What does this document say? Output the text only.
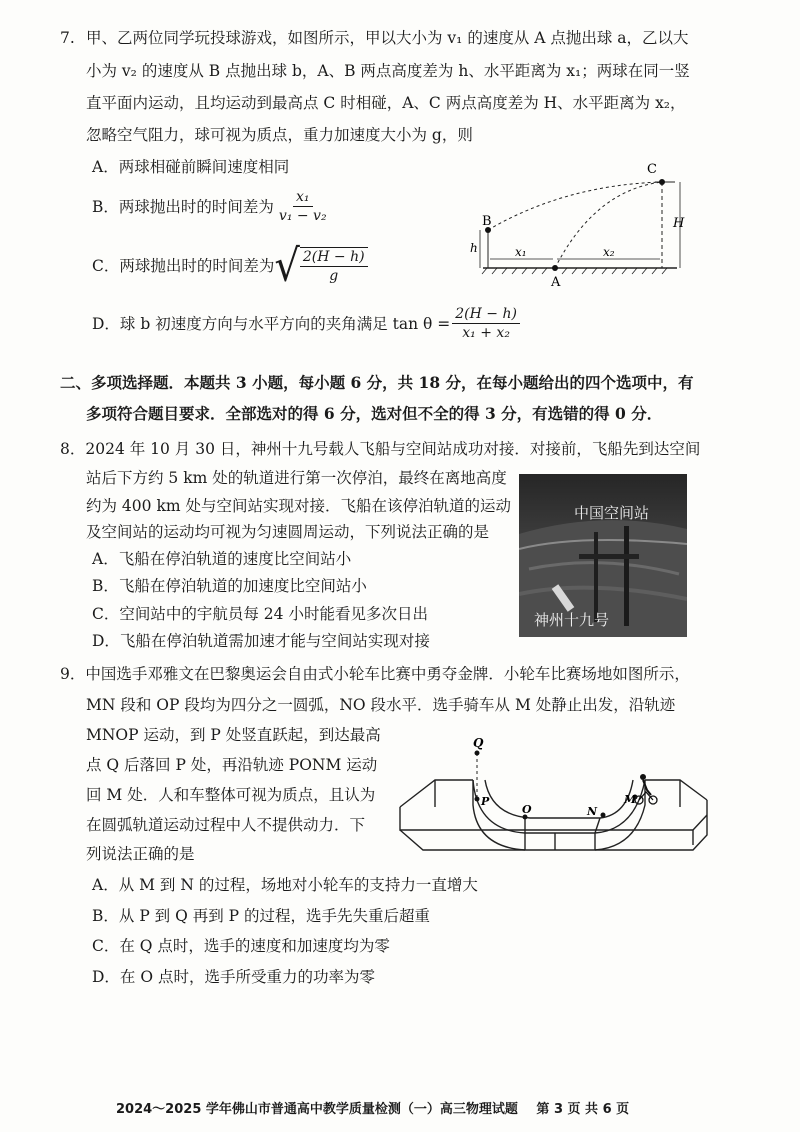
7. 甲、乙两位同学玩投球游戏，如图所示，甲以大小为 v₁ 的速度从 A 点抛出球 a，乙以大
小为 v₂ 的速度从 B 点抛出球 b，A、B 两点高度差为 h、水平距离为 x₁；两球在同一竖
直平面内运动，且均运动到最高点 C 时相碰，A、C 两点高度差为 H、水平距离为 x₂，
忽略空气阻力，球可视为质点，重力加速度大小为 g，则
A．两球相碰前瞬间速度相同
B．两球抛出时的时间差为 $\frac{\text{x₁}}{\text{v₁ − v₂}}$
C．两球抛出时的时间差为 √ $\frac{2(H - h)}{g}$
D．球 b 初速度方向与水平方向的夹角满足 $\tan \theta = \frac{2(H - h)}{\text{x₁ + x₂}}$
C
B
A
H
h	x₁	x₂
二、多项选择题．本题共 3 小题，每小题 6 分，共 18 分，在每小题给出的四个选项中，有
多项符合题目要求．全部选对的得 6 分，选对但不全的得 3 分，有选错的得 0 分．
8．2024 年 10 月 30 日，神州十九号载人飞船与空间站成功对接．对接前，飞船先到达空间
站后下方约 5 km 处的轨道进行第一次停泊，最终在离地高度
约为 400 km 处与空间站实现对接．飞船在该停泊轨道的运动
及空间站的运动均可视为匀速圆周运动，下列说法正确的是
A．飞船在停泊轨道的速度比空间站小
B．飞船在停泊轨道的加速度比空间站小
C．空间站中的宇航员每 24 小时能看见多次日出
D．飞船在停泊轨道需加速才能与空间站实现对接
中国空间站
神州十九号
9．中国选手邓雅文在巴黎奥运会自由式小轮车比赛中勇夺金牌．小轮车比赛场地如图所示，
MN 段和 OP 段均为四分之一圆弧，NO 段水平．选手骑车从 M 处静止出发，沿轨迹
MNOP 运动，到 P 处竖直跃起，到达最高
点 Q 后落回 P 处，再沿轨迹 PONM 运动
回 M 处．人和车整体可视为质点，且认为
在圆弧轨道运动过程中人不提供动力．下
列说法正确的是
A．从 M 到 N 的过程，场地对小轮车的支持力一直增大
B．从 P 到 Q 再到 P 的过程，选手先失重后超重
C．在 Q 点时，选手的速度和加速度均为零
D．在 O 点时，选手所受重力的功率为零
Q
P
O	N
M
2024～2025 学年佛山市普通高中教学质量检测（一）高三物理试题 第 3 页 共 6 页
